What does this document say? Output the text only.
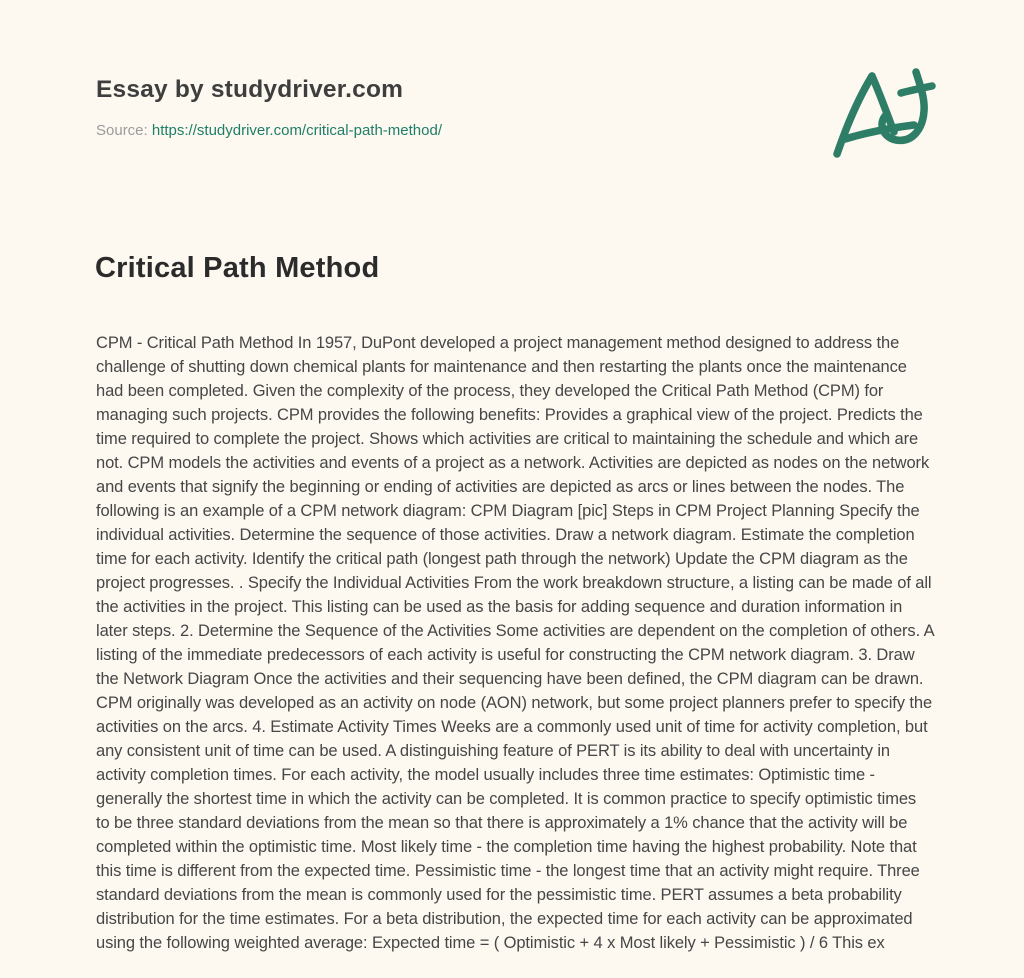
Essay by studydriver.com
Source: https://studydriver.com/critical-path-method/
Critical Path Method

CPM - Critical Path Method In 1957, DuPont developed a project management method designed to address the challenge of shutting down chemical plants for maintenance and then restarting the plants once the maintenance had been completed. Given the complexity of the process, they developed the Critical Path Method (CPM) for managing such projects. CPM provides the following benefits: Provides a graphical view of the project. Predicts the time required to complete the project. Shows which activities are critical to maintaining the schedule and which are not. CPM models the activities and events of a project as a network. Activities are depicted as nodes on the network and events that signify the beginning or ending of activities are depicted as arcs or lines between the nodes. The following is an example of a CPM network diagram: CPM Diagram [pic] Steps in CPM Project Planning Specify the individual activities. Determine the sequence of those activities. Draw a network diagram. Estimate the completion time for each activity. Identify the critical path (longest path through the network) Update the CPM diagram as the project progresses. . Specify the Individual Activities From the work breakdown structure, a listing can be made of all the activities in the project. This listing can be used as the basis for adding sequence and duration information in later steps. 2. Determine the Sequence of the Activities Some activities are dependent on the completion of others. A listing of the immediate predecessors of each activity is useful for constructing the CPM network diagram. 3. Draw the Network Diagram Once the activities and their sequencing have been defined, the CPM diagram can be drawn. CPM originally was developed as an activity on node (AON) network, but some project planners prefer to specify the activities on the arcs. 4. Estimate Activity Times Weeks are a commonly used unit of time for activity completion, but any consistent unit of time can be used. A distinguishing feature of PERT is its ability to deal with uncertainty in activity completion times. For each activity, the model usually includes three time estimates: Optimistic time - generally the shortest time in which the activity can be completed. It is common practice to specify optimistic times to be three standard deviations from the mean so that there is approximately a 1% chance that the activity will be completed within the optimistic time. Most likely time - the completion time having the highest probability. Note that this time is different from the expected time. Pessimistic time - the longest time that an activity might require. Three standard deviations from the mean is commonly used for the pessimistic time. PERT assumes a beta probability distribution for the time estimates. For a beta distribution, the expected time for each activity can be approximated using the following weighted average: Expected time = ( Optimistic + 4 x Most likely + Pessimistic ) / 6 This ex
